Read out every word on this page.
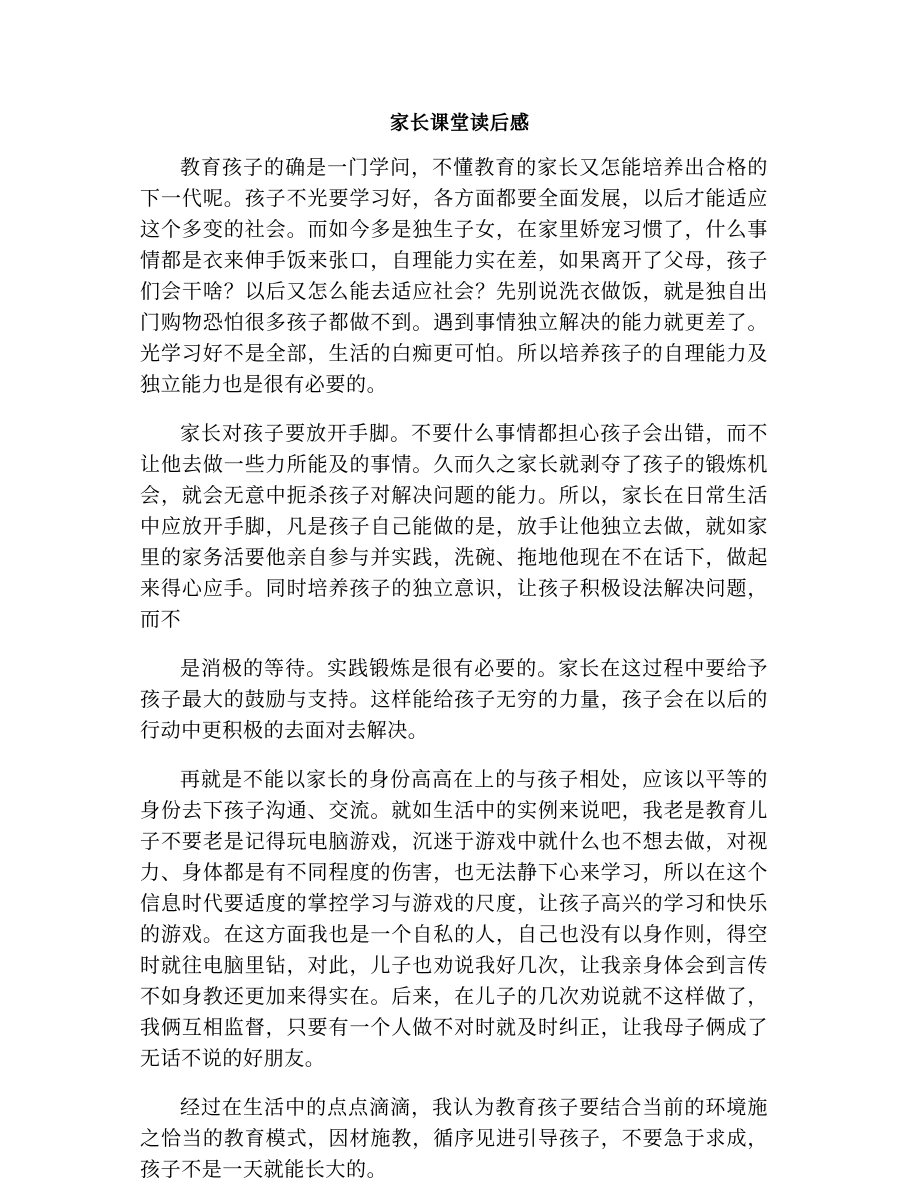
家长课堂读后感

教育孩子的确是一门学问，不懂教育的家长又怎能培养出合格的下一代呢。孩子不光要学习好，各方面都要全面发展，以后才能适应这个多变的社会。而如今多是独生子女，在家里娇宠习惯了，什么事情都是衣来伸手饭来张口，自理能力实在差，如果离开了父母，孩子们会干啥？以后又怎么能去适应社会？先别说洗衣做饭，就是独自出门购物恐怕很多孩子都做不到。遇到事情独立解决的能力就更差了。光学习好不是全部，生活的白痴更可怕。所以培养孩子的自理能力及独立能力也是很有必要的。

家长对孩子要放开手脚。不要什么事情都担心孩子会出错，而不让他去做一些力所能及的事情。久而久之家长就剥夺了孩子的锻炼机会，就会无意中扼杀孩子对解决问题的能力。所以，家长在日常生活中应放开手脚，凡是孩子自己能做的是，放手让他独立去做，就如家里的家务活要他亲自参与并实践，洗碗、拖地他现在不在话下，做起来得心应手。同时培养孩子的独立意识，让孩子积极设法解决问题，而不

是消极的等待。实践锻炼是很有必要的。家长在这过程中要给予孩子最大的鼓励与支持。这样能给孩子无穷的力量，孩子会在以后的行动中更积极的去面对去解决。

再就是不能以家长的身份高高在上的与孩子相处，应该以平等的身份去下孩子沟通、交流。就如生活中的实例来说吧，我老是教育儿子不要老是记得玩电脑游戏，沉迷于游戏中就什么也不想去做，对视力、身体都是有不同程度的伤害，也无法静下心来学习，所以在这个信息时代要适度的掌控学习与游戏的尺度，让孩子高兴的学习和快乐的游戏。在这方面我也是一个自私的人，自己也没有以身作则，得空时就往电脑里钻，对此，儿子也劝说我好几次，让我亲身体会到言传不如身教还更加来得实在。后来，在儿子的几次劝说就不这样做了，我俩互相监督，只要有一个人做不对时就及时纠正，让我母子俩成了无话不说的好朋友。

经过在生活中的点点滴滴，我认为教育孩子要结合当前的环境施之恰当的教育模式，因材施教，循序见进引导孩子，不要急于求成，孩子不是一天就能长大的。
